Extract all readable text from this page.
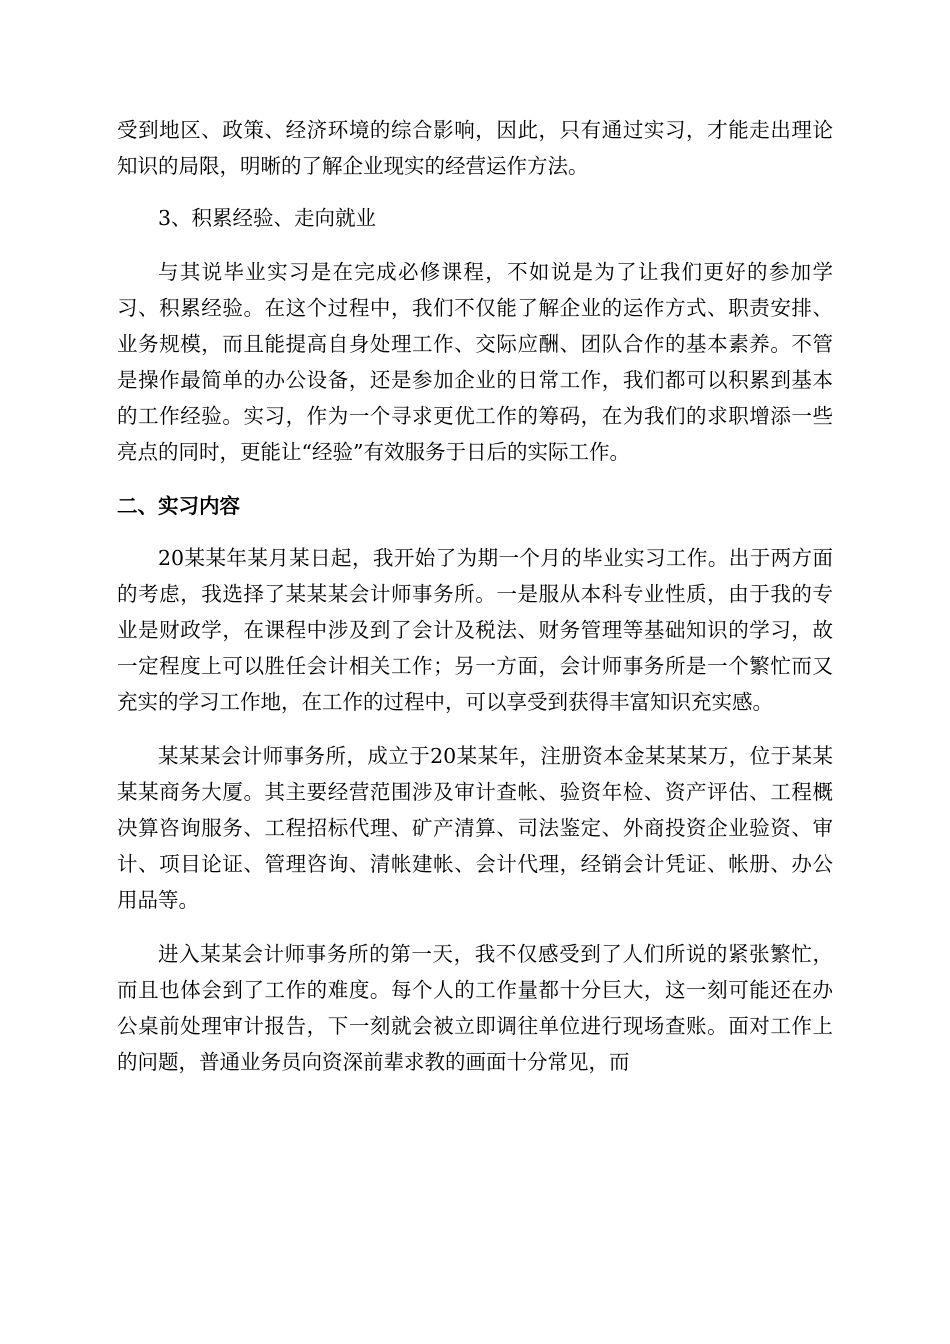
受到地区、政策、经济环境的综合影响，因此，只有通过实习，才能走出理论知识的局限，明晰的了解企业现实的经营运作方法。

3、积累经验、走向就业

与其说毕业实习是在完成必修课程，不如说是为了让我们更好的参加学习、积累经验。在这个过程中，我们不仅能了解企业的运作方式、职责安排、业务规模，而且能提高自身处理工作、交际应酬、团队合作的基本素养。不管是操作最简单的办公设备，还是参加企业的日常工作，我们都可以积累到基本的工作经验。实习，作为一个寻求更优工作的筹码，在为我们的求职增添一些亮点的同时，更能让“经验”有效服务于日后的实际工作。

二、实习内容

20某某年某月某日起，我开始了为期一个月的毕业实习工作。出于两方面的考虑，我选择了某某某会计师事务所。一是服从本科专业性质，由于我的专业是财政学，在课程中涉及到了会计及税法、财务管理等基础知识的学习，故一定程度上可以胜任会计相关工作；另一方面，会计师事务所是一个繁忙而又充实的学习工作地，在工作的过程中，可以享受到获得丰富知识充实感。

某某某会计师事务所，成立于20某某年，注册资本金某某某万，位于某某某某商务大厦。其主要经营范围涉及审计查帐、验资年检、资产评估、工程概决算咨询服务、工程招标代理、矿产清算、司法鉴定、外商投资企业验资、审计、项目论证、管理咨询、清帐建帐、会计代理，经销会计凭证、帐册、办公用品等。

进入某某会计师事务所的第一天，我不仅感受到了人们所说的紧张繁忙，而且也体会到了工作的难度。每个人的工作量都十分巨大，这一刻可能还在办公桌前处理审计报告，下一刻就会被立即调往单位进行现场查账。面对工作上的问题，普通业务员向资深前辈求教的画面十分常见，而
